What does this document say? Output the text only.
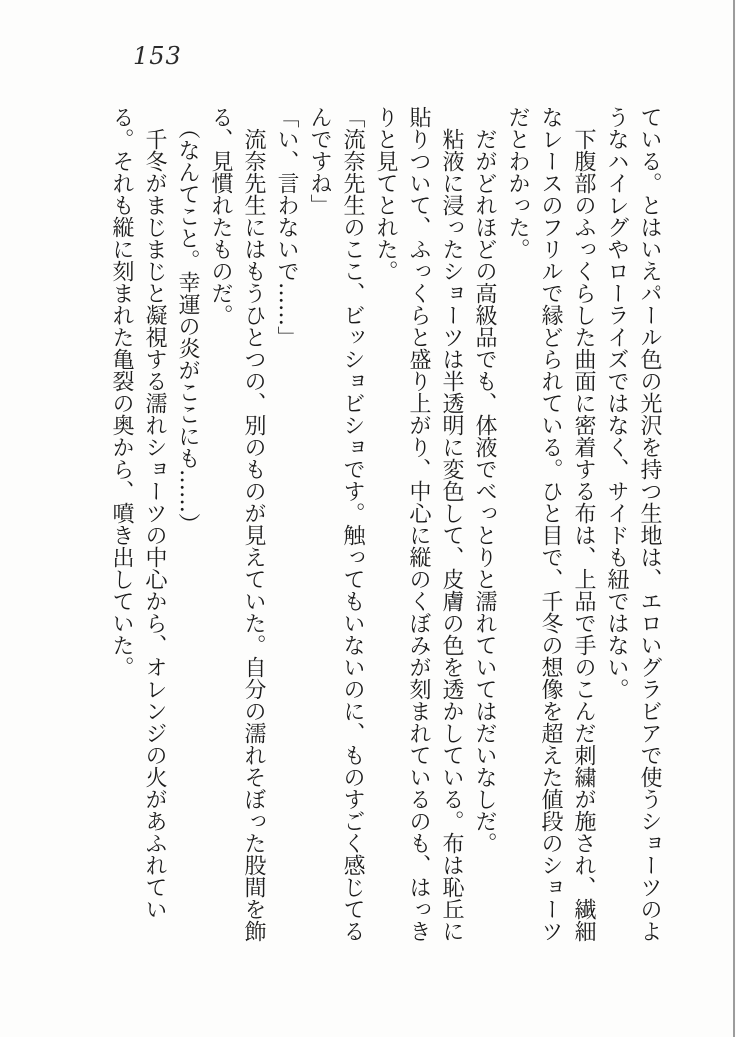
153

ている。とはいえパール色の光沢を持つ生地は、エロいグラビアで使うショーツのようなハイレグやローライズではなく、サイドも紐ではない。

　下腹部のふっくらした曲面に密着する布は、上品で手のこんだ刺繍が施され、繊細なレースのフリルで縁どられている。ひと目で、千冬の想像を超えた値段のショーツだとわかった。

　だがどれほどの高級品でも、体液でべっとりと濡れていてはだいなしだ。

　粘液に浸ったショーツは半透明に変色して、皮膚の色を透かしている。布は恥丘に貼りついて、ふっくらと盛り上がり、中心に縦のくぼみが刻まれているのも、はっきりと見てとれた。

「流奈先生のここ、ビッショビショです。触ってもいないのに、ものすごく感じてるんですね」

「い、言わないで……」

　流奈先生にはもうひとつの、別のものが見えていた。自分の濡れそぼった股間を飾る、見慣れたものだ。

　（なんてこと。幸運の炎がここにも……）

　千冬がまじまじと凝視する濡れショーツの中心から、オレンジの火があふれている。それも縦に刻まれた亀裂の奥から、噴き出していた。
